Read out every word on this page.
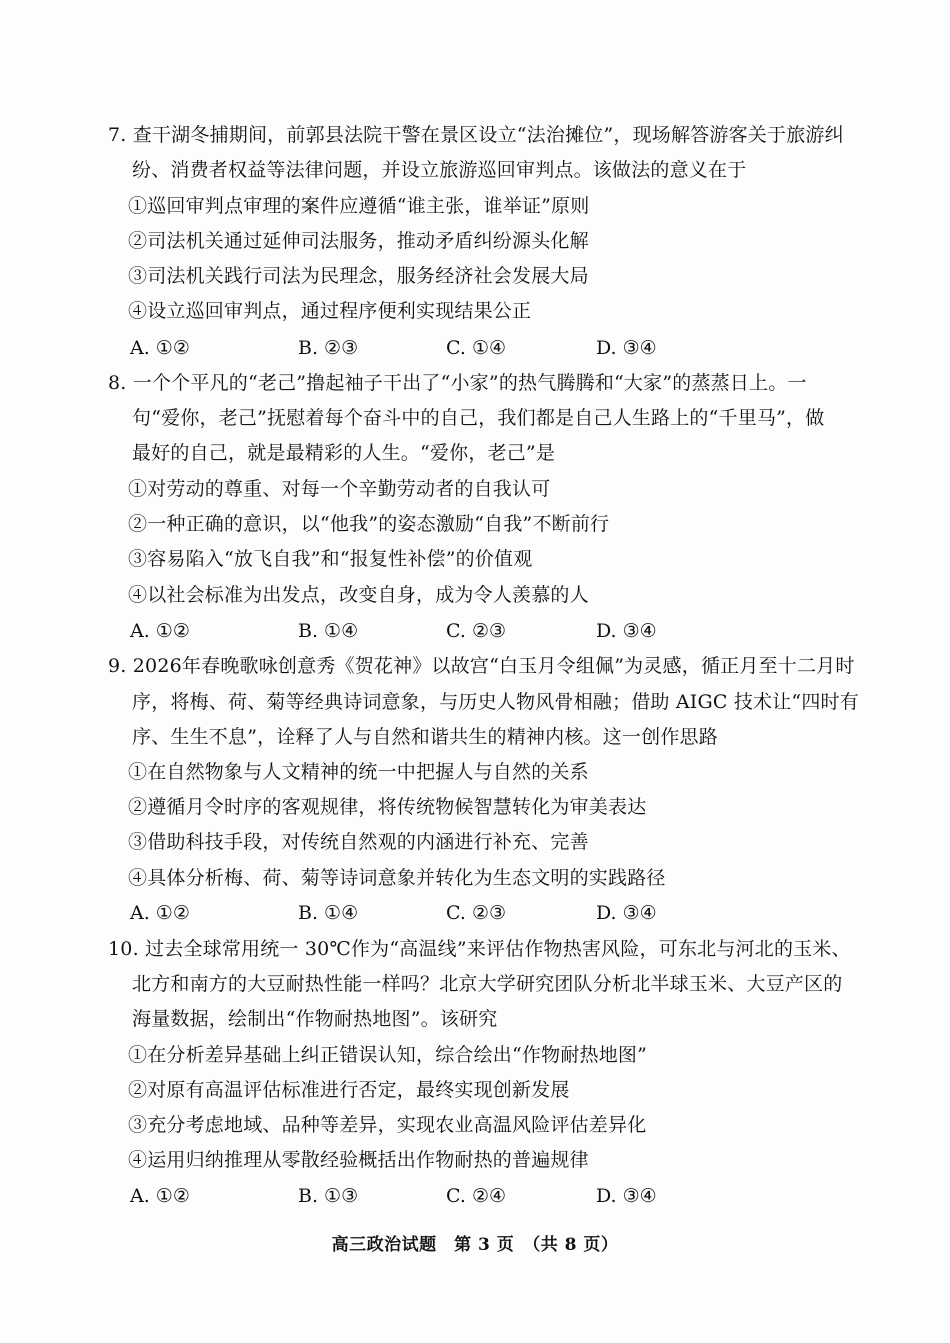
7. 查干湖冬捕期间，前郭县法院干警在景区设立“法治摊位”，现场解答游客关于旅游纠
纷、消费者权益等法律问题，并设立旅游巡回审判点。该做法的意义在于
①巡回审判点审理的案件应遵循“谁主张，谁举证”原则
②司法机关通过延伸司法服务，推动矛盾纠纷源头化解
③司法机关践行司法为民理念，服务经济社会发展大局
④设立巡回审判点，通过程序便利实现结果公正
A. ①②	B. ②③	C. ①④	D. ③④
8. 一个个平凡的“老己”撸起袖子干出了“小家”的热气腾腾和“大家”的蒸蒸日上。一
句“爱你，老己”抚慰着每个奋斗中的自己，我们都是自己人生路上的“千里马”，做
最好的自己，就是最精彩的人生。“爱你，老己”是
①对劳动的尊重、对每一个辛勤劳动者的自我认可
②一种正确的意识，以“他我”的姿态激励“自我”不断前行
③容易陷入“放飞自我”和“报复性补偿”的价值观
④以社会标准为出发点，改变自身，成为令人羡慕的人
A. ①②	B. ①④	C. ②③	D. ③④
9. 2026年春晚歌咏创意秀《贺花神》以故宫“白玉月令组佩”为灵感，循正月至十二月时
序，将梅、荷、菊等经典诗词意象，与历史人物风骨相融；借助 AIGC 技术让“四时有
序、生生不息”，诠释了人与自然和谐共生的精神内核。这一创作思路
①在自然物象与人文精神的统一中把握人与自然的关系
②遵循月令时序的客观规律，将传统物候智慧转化为审美表达
③借助科技手段，对传统自然观的内涵进行补充、完善
④具体分析梅、荷、菊等诗词意象并转化为生态文明的实践路径
A. ①②	B. ①④	C. ②③	D. ③④
10. 过去全球常用统一 30℃作为“高温线”来评估作物热害风险，可东北与河北的玉米、
北方和南方的大豆耐热性能一样吗？北京大学研究团队分析北半球玉米、大豆产区的
海量数据，绘制出“作物耐热地图”。该研究
①在分析差异基础上纠正错误认知，综合绘出“作物耐热地图”
②对原有高温评估标准进行否定，最终实现创新发展
③充分考虑地域、品种等差异，实现农业高温风险评估差异化
④运用归纳推理从零散经验概括出作物耐热的普遍规律
A. ①②	B. ①③	C. ②④	D. ③④
高三政治试题　第 3 页　（共 8 页）
